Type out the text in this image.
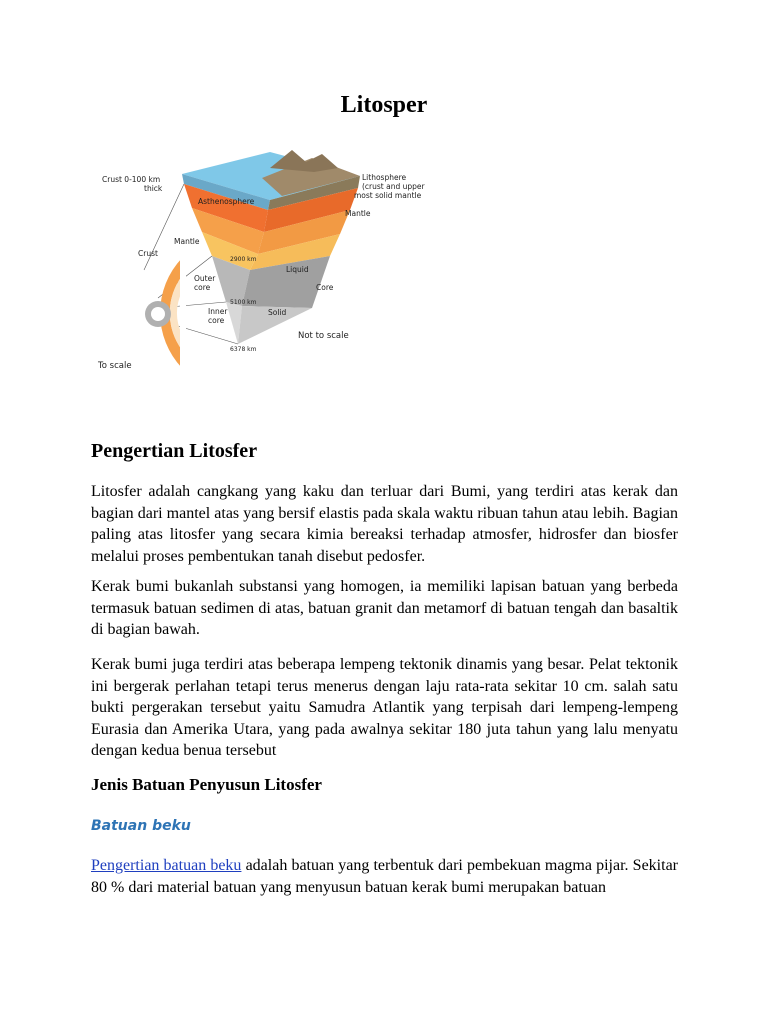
Litosper
Crust 0-100 km
thick
Lithosphere
(crust and upper
most solid mantle
Asthenosphere
Mantle
Mantle
Crust
2900 km
Liquid
Outer
core	Core
5100 km
Inner
core
Solid
Not to scale
6378 km
To scale
Pengertian Litosfer

Litosfer adalah cangkang yang kaku dan terluar dari Bumi, yang terdiri atas kerak dan bagian dari mantel atas yang bersif elastis pada skala waktu ribuan tahun atau lebih. Bagian paling atas litosfer yang secara kimia bereaksi terhadap atmosfer, hidrosfer dan biosfer melalui proses pembentukan tanah disebut pedosfer.

Kerak bumi bukanlah substansi yang homogen, ia memiliki lapisan batuan yang berbeda termasuk batuan sedimen di atas, batuan granit dan metamorf di batuan tengah dan basaltik di bagian bawah.

Kerak bumi juga terdiri atas beberapa lempeng tektonik dinamis yang besar. Pelat tektonik ini bergerak perlahan tetapi terus menerus dengan laju rata-rata sekitar 10 cm. salah satu bukti pergerakan tersebut yaitu Samudra Atlantik yang terpisah dari lempeng-lempeng Eurasia dan Amerika Utara, yang pada awalnya sekitar 180 juta tahun yang lalu menyatu dengan kedua benua tersebut

Jenis Batuan Penyusun Litosfer
Batuan beku

Pengertian batuan beku adalah batuan yang terbentuk dari pembekuan magma pijar. Sekitar 80 % dari material batuan yang menyusun batuan kerak bumi merupakan batuan
